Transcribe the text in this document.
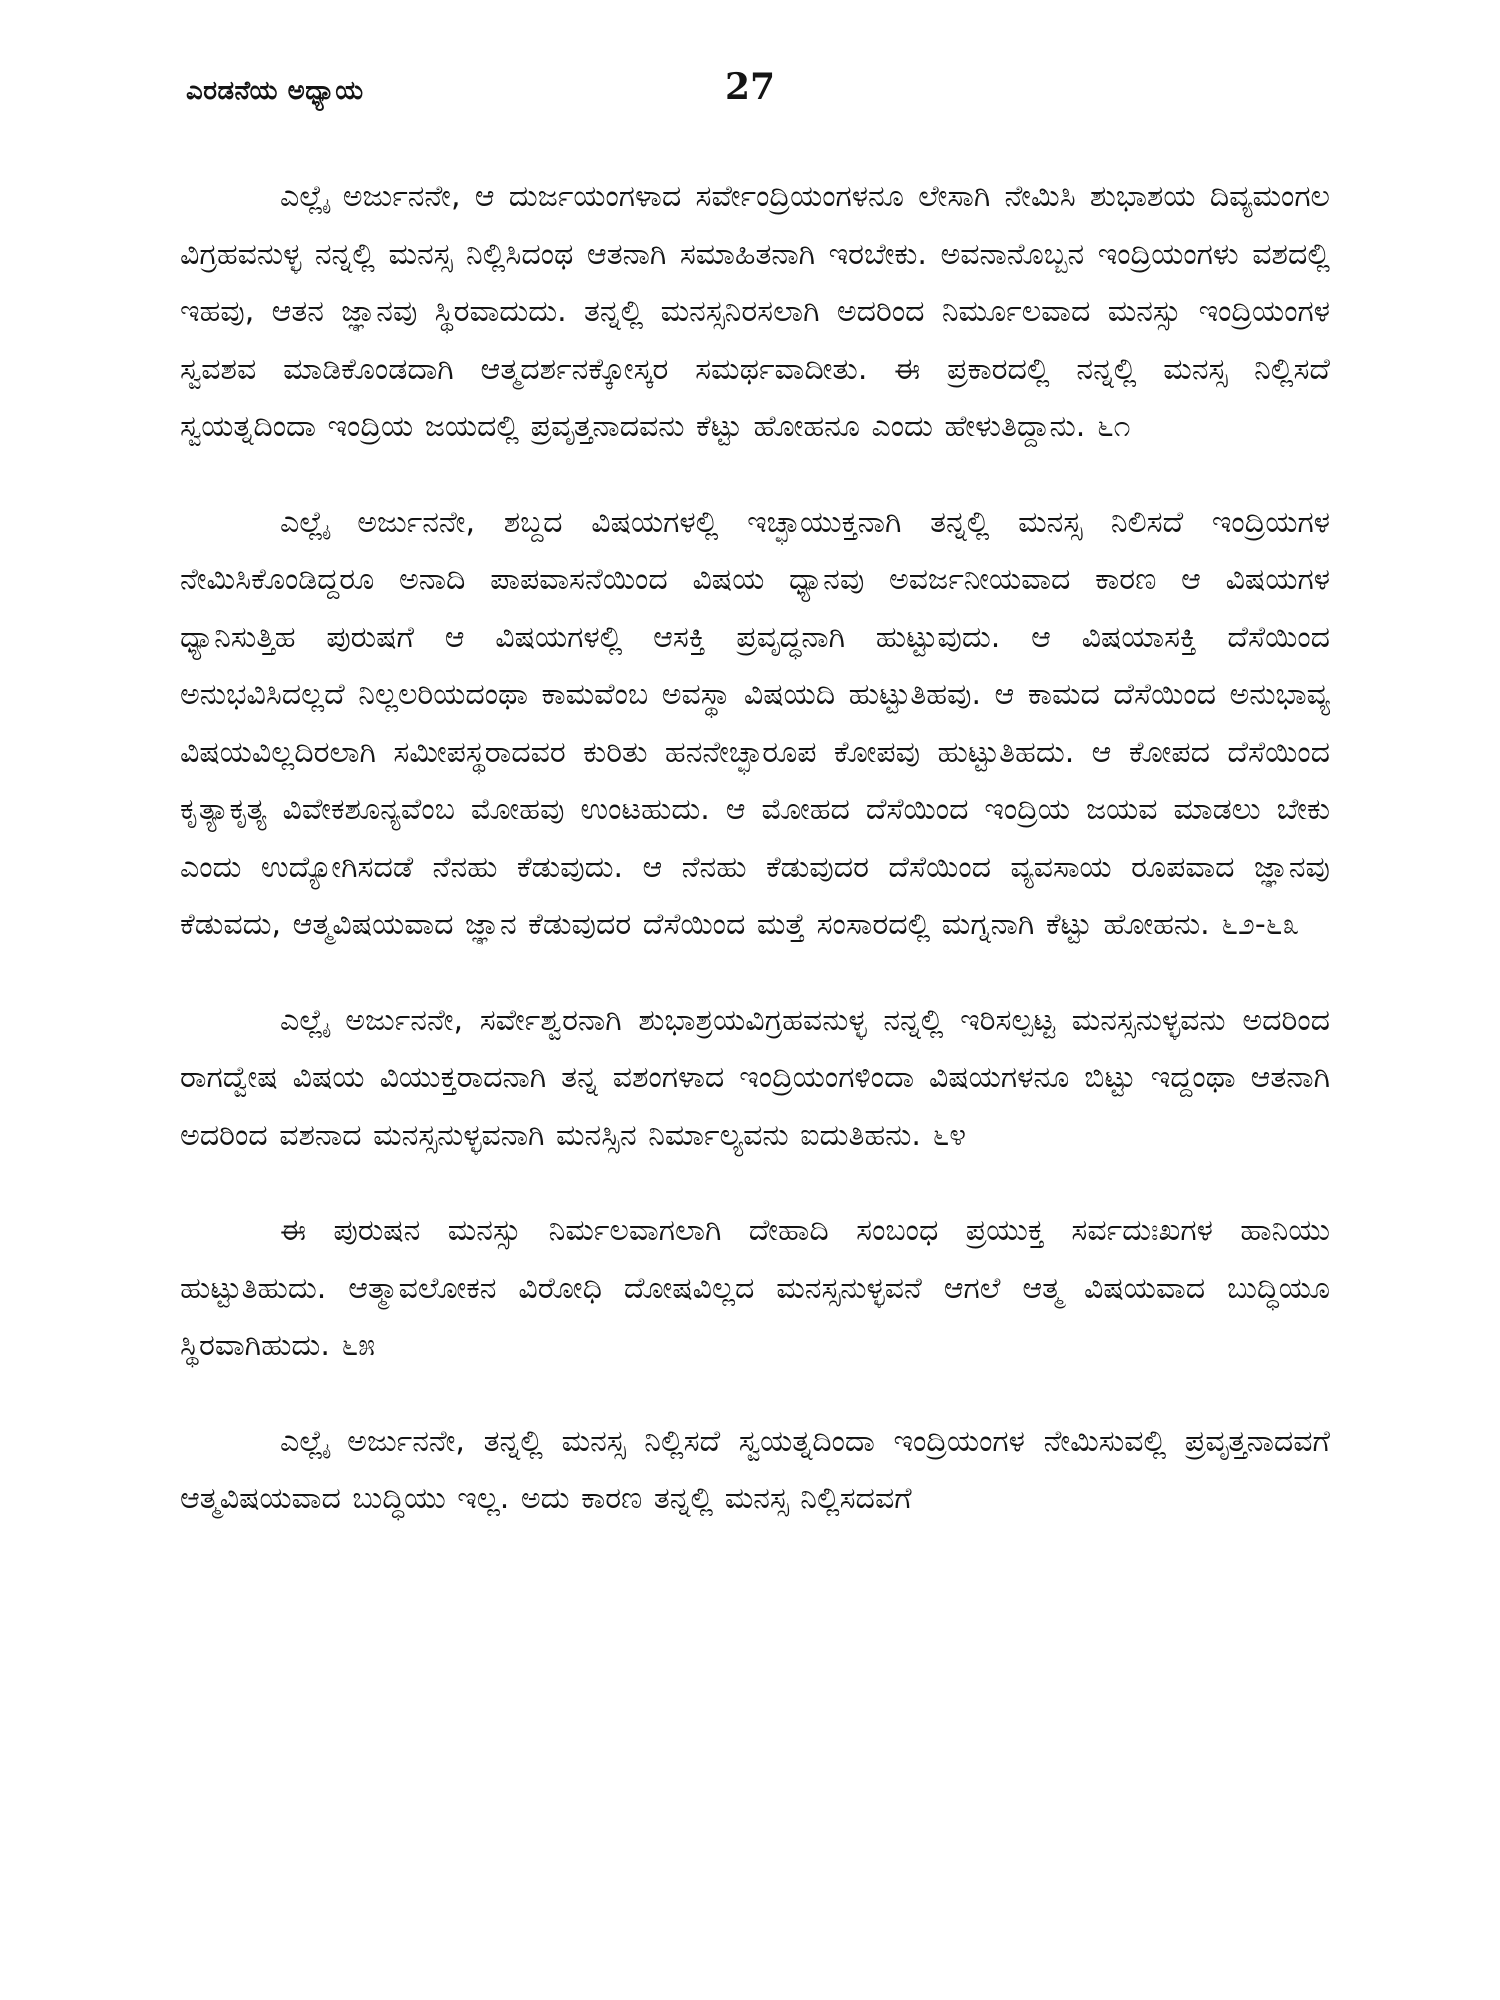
ಎರಡನೆಯ ಅಧ್ಯಾಯ	27

ಎಲ್ಲೈ ಅರ್ಜುನನೇ, ಆ ದುರ್ಜಯಂಗಳಾದ ಸರ್ವೇಂದ್ರಿಯಂಗಳನೂ ಲೇಸಾಗಿ ನೇಮಿಸಿ ಶುಭಾಶಯ ದಿವ್ಯಮಂಗಲ ವಿಗ್ರಹವನುಳ್ಳ ನನ್ನಲ್ಲಿ ಮನಸ್ಸ ನಿಲ್ಲಿಸಿದಂಥ ಆತನಾಗಿ ಸಮಾಹಿತನಾಗಿ ಇರಬೇಕು. ಅವನಾನೊಬ್ಬನ ಇಂದ್ರಿಯಂಗಳು ವಶದಲ್ಲಿ ಇಹವು, ಆತನ ಜ್ಞಾನವು ಸ್ಥಿರವಾದುದು. ತನ್ನಲ್ಲಿ ಮನಸ್ಸನಿರಸಲಾಗಿ ಅದರಿಂದ ನಿರ್ಮೂಲವಾದ ಮನಸ್ಸು ಇಂದ್ರಿಯಂಗಳ ಸ್ವವಶವ ಮಾಡಿಕೊಂಡದಾಗಿ ಆತ್ಮದರ್ಶನಕ್ಕೋಸ್ಕರ ಸಮರ್ಥವಾದೀತು. ಈ ಪ್ರಕಾರದಲ್ಲಿ ನನ್ನಲ್ಲಿ ಮನಸ್ಸ ನಿಲ್ಲಿಸದೆ ಸ್ವಯತ್ನದಿಂದಾ ಇಂದ್ರಿಯ ಜಯದಲ್ಲಿ ಪ್ರವೃತ್ತನಾದವನು ಕೆಟ್ಟು ಹೋಹನೂ ಎಂದು ಹೇಳುತಿದ್ದಾನು. ೬೧

ಎಲ್ಲೈ ಅರ್ಜುನನೇ, ಶಬ್ದದ ವಿಷಯಗಳಲ್ಲಿ ಇಚ್ಛಾಯುಕ್ತನಾಗಿ ತನ್ನಲ್ಲಿ ಮನಸ್ಸ ನಿಲಿಸದೆ ಇಂದ್ರಿಯಗಳ ನೇಮಿಸಿಕೊಂಡಿದ್ದರೂ ಅನಾದಿ ಪಾಪವಾಸನೆಯಿಂದ ವಿಷಯ ಧ್ಯಾನವು ಅವರ್ಜನೀಯವಾದ ಕಾರಣ ಆ ವಿಷಯಗಳ ಧ್ಯಾನಿಸುತ್ತಿಹ ಪುರುಷಗೆ ಆ ವಿಷಯಗಳಲ್ಲಿ ಆಸಕ್ತಿ ಪ್ರವೃದ್ಧನಾಗಿ ಹುಟ್ಟುವುದು. ಆ ವಿಷಯಾಸಕ್ತಿ ದೆಸೆಯಿಂದ ಅನುಭವಿಸಿದಲ್ಲದೆ ನಿಲ್ಲಲರಿಯದಂಥಾ ಕಾಮವೆಂಬ ಅವಸ್ಥಾ ವಿಷಯದಿ ಹುಟ್ಟುತಿಹವು. ಆ ಕಾಮದ ದೆಸೆಯಿಂದ ಅನುಭಾವ್ಯ ವಿಷಯವಿಲ್ಲದಿರಲಾಗಿ ಸಮೀಪಸ್ಥರಾದವರ ಕುರಿತು ಹನನೇಚ್ಛಾರೂಪ ಕೋಪವು ಹುಟ್ಟುತಿಹದು. ಆ ಕೋಪದ ದೆಸೆಯಿಂದ ಕೃತ್ಯಾಕೃತ್ಯ ವಿವೇಕಶೂನ್ಯವೆಂಬ ಮೋಹವು ಉಂಟಹುದು. ಆ ಮೋಹದ ದೆಸೆಯಿಂದ ಇಂದ್ರಿಯ ಜಯವ ಮಾಡಲು ಬೇಕು ಎಂದು ಉದ್ಯೋಗಿಸದಡೆ ನೆನಹು ಕೆಡುವುದು. ಆ ನೆನಹು ಕೆಡುವುದರ ದೆಸೆಯಿಂದ ವ್ಯವಸಾಯ ರೂಪವಾದ ಜ್ಞಾನವು ಕೆಡುವದು, ಆತ್ಮವಿಷಯವಾದ ಜ್ಞಾನ ಕೆಡುವುದರ ದೆಸೆಯಿಂದ ಮತ್ತೆ ಸಂಸಾರದಲ್ಲಿ ಮಗ್ನನಾಗಿ ಕೆಟ್ಟು ಹೋಹನು. ೬೨-೬೩

ಎಲ್ಲೈ ಅರ್ಜುನನೇ, ಸರ್ವೇಶ್ವರನಾಗಿ ಶುಭಾಶ್ರಯವಿಗ್ರಹವನುಳ್ಳ ನನ್ನಲ್ಲಿ ಇರಿಸಲ್ಪಟ್ಟ ಮನಸ್ಸನುಳ್ಳವನು ಅದರಿಂದ ರಾಗದ್ವೇಷ ವಿಷಯ ವಿಯುಕ್ತರಾದನಾಗಿ ತನ್ನ ವಶಂಗಳಾದ ಇಂದ್ರಿಯಂಗಳಿಂದಾ ವಿಷಯಗಳನೂ ಬಿಟ್ಟು ಇದ್ದಂಥಾ ಆತನಾಗಿ ಅದರಿಂದ ವಶನಾದ ಮನಸ್ಸನುಳ್ಳವನಾಗಿ ಮನಸ್ಸಿನ ನಿರ್ಮಾಲ್ಯವನು ಐದುತಿಹನು. ೬೪

ಈ ಪುರುಷನ ಮನಸ್ಸು ನಿರ್ಮಲವಾಗಲಾಗಿ ದೇಹಾದಿ ಸಂಬಂಧ ಪ್ರಯುಕ್ತ ಸರ್ವದುಃಖಗಳ ಹಾನಿಯು ಹುಟ್ಟುತಿಹುದು. ಆತ್ಮಾವಲೋಕನ ವಿರೋಧಿ ದೋಷವಿಲ್ಲದ ಮನಸ್ಸನುಳ್ಳವನೆ ಆಗಲೆ ಆತ್ಮ ವಿಷಯವಾದ ಬುದ್ಧಿಯೂ ಸ್ಥಿರವಾಗಿಹುದು. ೬೫

ಎಲ್ಲೈ ಅರ್ಜುನನೇ, ತನ್ನಲ್ಲಿ ಮನಸ್ಸ ನಿಲ್ಲಿಸದೆ ಸ್ವಯತ್ನದಿಂದಾ ಇಂದ್ರಿಯಂಗಳ ನೇಮಿಸುವಲ್ಲಿ ಪ್ರವೃತ್ತನಾದವಗೆ ಆತ್ಮವಿಷಯವಾದ ಬುದ್ಧಿಯು ಇಲ್ಲ. ಅದು ಕಾರಣ ತನ್ನಲ್ಲಿ ಮನಸ್ಸ ನಿಲ್ಲಿಸದವಗೆ
